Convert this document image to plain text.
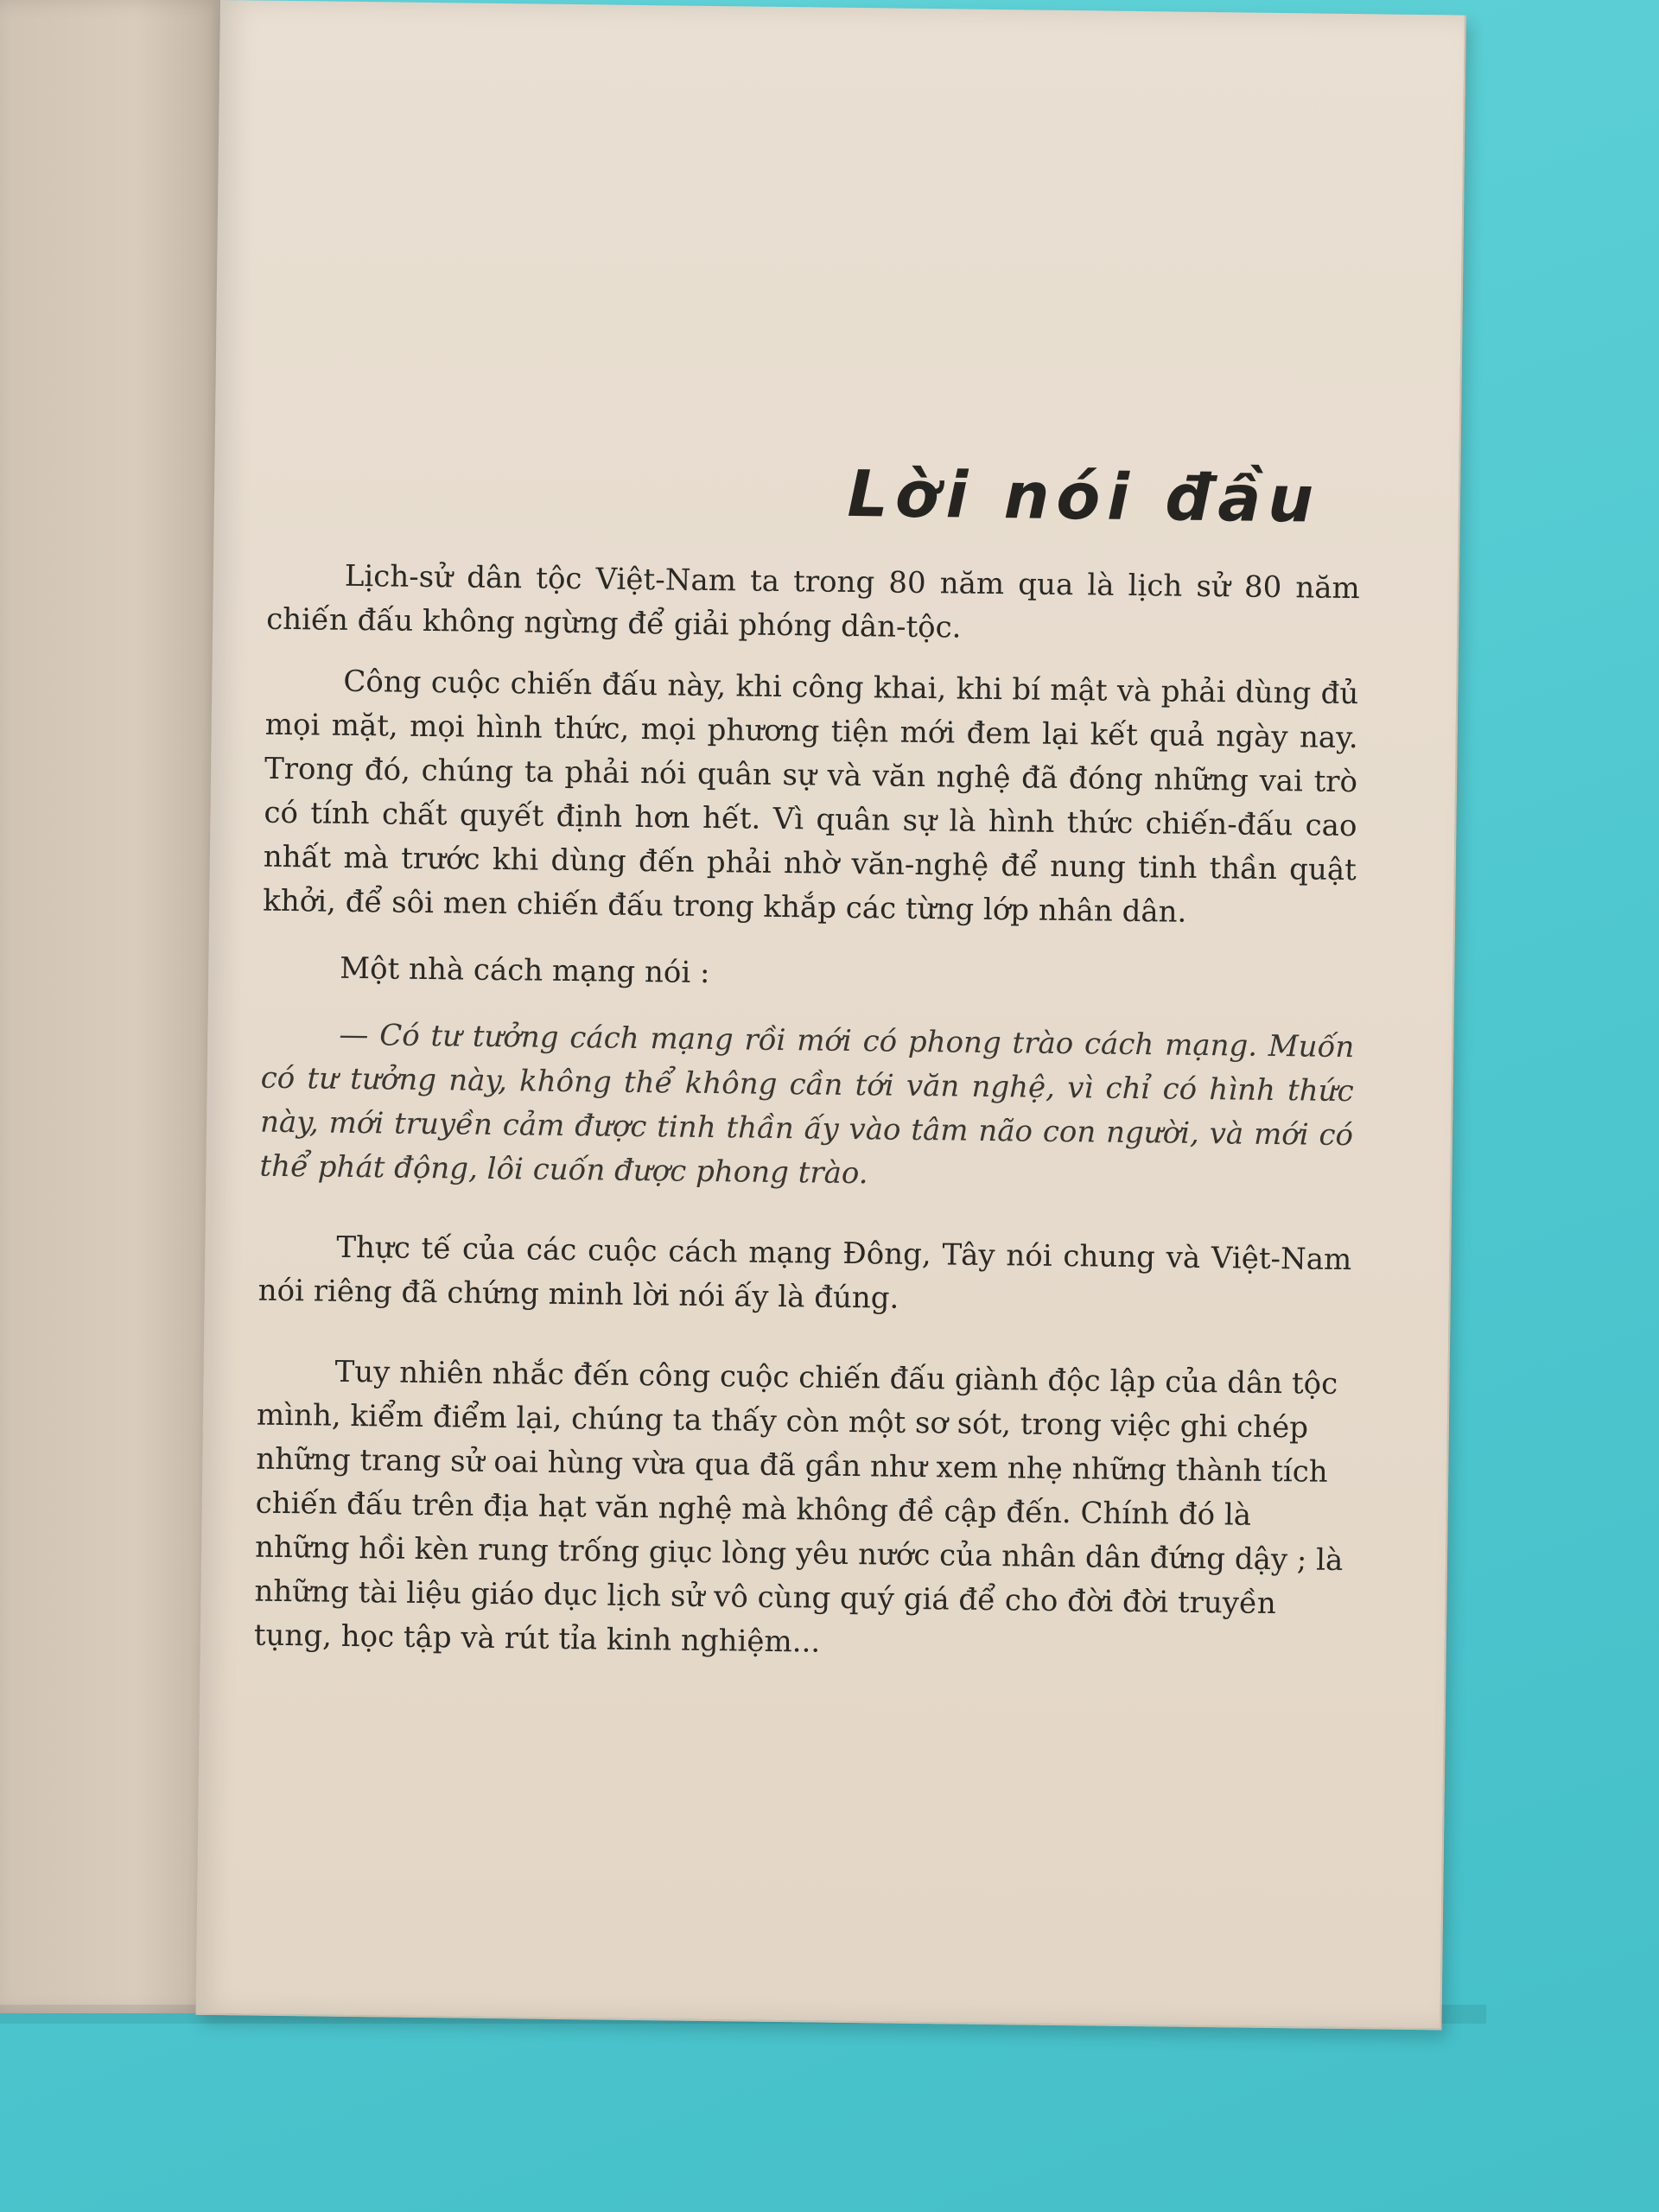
Lời nói đầu

Lịch-sử dân tộc Việt-Nam ta trong 80 năm qua là lịch sử 80 năm chiến đấu không ngừng để giải phóng dân-tộc.

Công cuộc chiến đấu này, khi công khai, khi bí mật và phải dùng đủ mọi mặt, mọi hình thức, mọi phương tiện mới đem lại kết quả ngày nay. Trong đó, chúng ta phải nói quân sự và văn nghệ đã đóng những vai trò có tính chất quyết định hơn hết. Vì quân sự là hình thức chiến-đấu cao nhất mà trước khi dùng đến phải nhờ văn-nghệ để nung tinh thần quật khởi, để sôi men chiến đấu trong khắp các từng lớp nhân dân.

Một nhà cách mạng nói :

— Có tư tưởng cách mạng rồi mới có phong trào cách mạng. Muốn có tư tưởng này, không thể không cần tới văn nghệ, vì chỉ có hình thức này, mới truyền cảm được tinh thần ấy vào tâm não con người, và mới có thể phát động, lôi cuốn được phong trào.

Thực tế của các cuộc cách mạng Đông, Tây nói chung và Việt-Nam nói riêng đã chứng minh lời nói ấy là đúng.

Tuy nhiên nhắc đến công cuộc chiến đấu giành độc lập của dân tộc mình, kiểm điểm lại, chúng ta thấy còn một sơ sót, trong việc ghi chép những trang sử oai hùng vừa qua đã gần như xem nhẹ những thành tích chiến đấu trên địa hạt văn nghệ mà không đề cập đến. Chính đó là những hồi kèn rung trống giục lòng yêu nước của nhân dân đứng dậy ; là những tài liệu giáo dục lịch sử vô cùng quý giá để cho đời đời truyền tụng, học tập và rút tỉa kinh nghiệm...
